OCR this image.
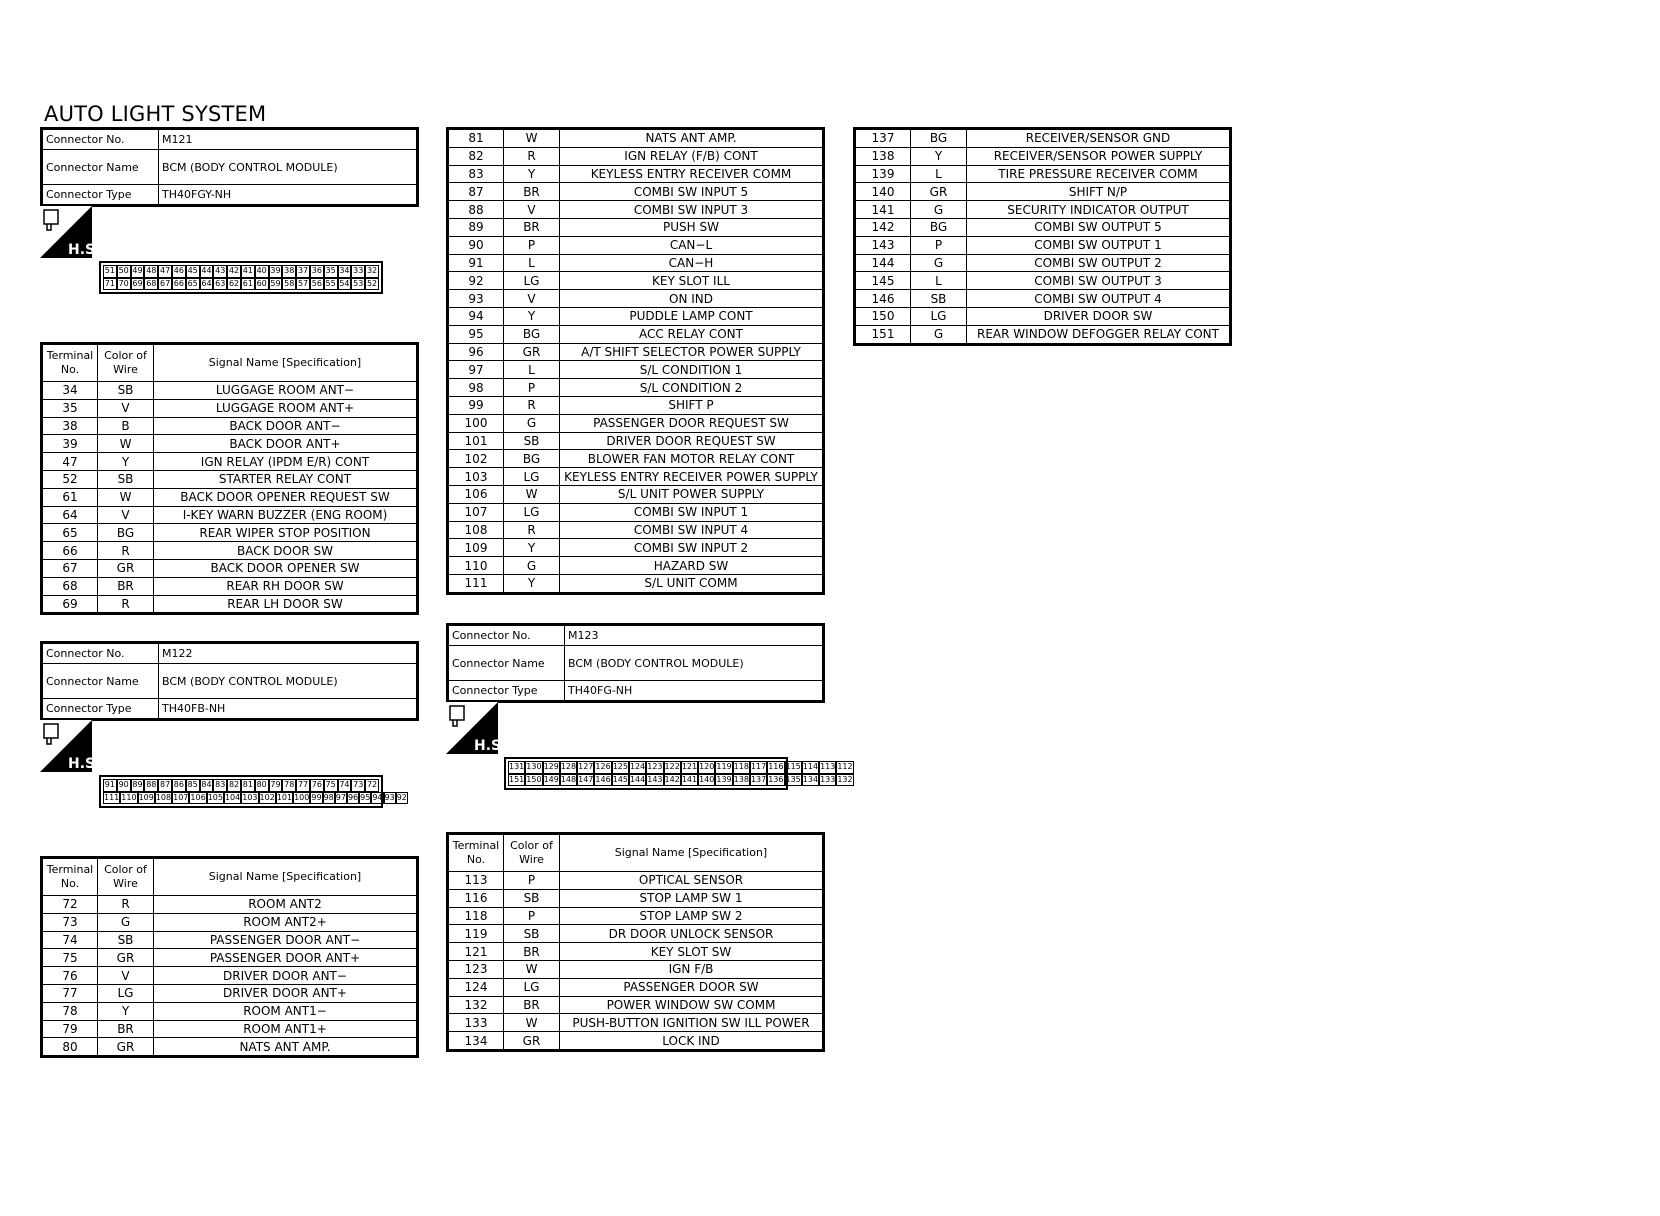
AUTO LIGHT SYSTEM
Connector No.	M121
Connector Name	BCM (BODY CONTROL MODULE)
Connector Type	TH40FGY-NH
H.S.
51 50 49 48 47 46 45 44 43 42 41 40 39 38 37 36 35 34 33 32
71 70 69 68 67 66 65 64 63 62 61 60 59 58 57 56 55 54 53 52
Terminal No.	Color of Wire	Signal Name [Specification]
34	SB	LUGGAGE ROOM ANT−
35	V	LUGGAGE ROOM ANT+
38	B	BACK DOOR ANT−
39	W	BACK DOOR ANT+
47	Y	IGN RELAY (IPDM E/R) CONT
52	SB	STARTER RELAY CONT
61	W	BACK DOOR OPENER REQUEST SW
64	V	I-KEY WARN BUZZER (ENG ROOM)
65	BG	REAR WIPER STOP POSITION
66	R	BACK DOOR SW
67	GR	BACK DOOR OPENER SW
68	BR	REAR RH DOOR SW
69	R	REAR LH DOOR SW
Connector No.	M122
Connector Name	BCM (BODY CONTROL MODULE)
Connector Type	TH40FB-NH
H.S.
91 90 89 88 87 86 85 84 83 82 81 80 79 78 77 76 75 74 73 72
111 110 109 108 107 106 105 104 103 102 101 100 99 98 97 96 95 94 93 92
Terminal No.	Color of Wire	Signal Name [Specification]
72	R	ROOM ANT2
73	G	ROOM ANT2+
74	SB	PASSENGER DOOR ANT−
75	GR	PASSENGER DOOR ANT+
76	V	DRIVER DOOR ANT−
77	LG	DRIVER DOOR ANT+
78	Y	ROOM ANT1−
79	BR	ROOM ANT1+
80	GR	NATS ANT AMP.
81	W	NATS ANT AMP.
82	R	IGN RELAY (F/B) CONT
83	Y	KEYLESS ENTRY RECEIVER COMM
87	BR	COMBI SW INPUT 5
88	V	COMBI SW INPUT 3
89	BR	PUSH SW
90	P	CAN−L
91	L	CAN−H
92	LG	KEY SLOT ILL
93	V	ON IND
94	Y	PUDDLE LAMP CONT
95	BG	ACC RELAY CONT
96	GR	A/T SHIFT SELECTOR POWER SUPPLY
97	L	S/L CONDITION 1
98	P	S/L CONDITION 2
99	R	SHIFT P
100	G	PASSENGER DOOR REQUEST SW
101	SB	DRIVER DOOR REQUEST SW
102	BG	BLOWER FAN MOTOR RELAY CONT
103	LG	KEYLESS ENTRY RECEIVER POWER SUPPLY
106	W	S/L UNIT POWER SUPPLY
107	LG	COMBI SW INPUT 1
108	R	COMBI SW INPUT 4
109	Y	COMBI SW INPUT 2
110	G	HAZARD SW
111	Y	S/L UNIT COMM
Connector No.	M123
Connector Name	BCM (BODY CONTROL MODULE)
Connector Type	TH40FG-NH
H.S.
131 130 129 128 127 126 125 124 123 122 121 120 119 118 117 116 115 114 113 112
151 150 149 148 147 146 145 144 143 142 141 140 139 138 137 136 135 134 133 132
Terminal No.	Color of Wire	Signal Name [Specification]
113	P	OPTICAL SENSOR
116	SB	STOP LAMP SW 1
118	P	STOP LAMP SW 2
119	SB	DR DOOR UNLOCK SENSOR
121	BR	KEY SLOT SW
123	W	IGN F/B
124	LG	PASSENGER DOOR SW
132	BR	POWER WINDOW SW COMM
133	W	PUSH-BUTTON IGNITION SW ILL POWER
134	GR	LOCK IND
137	BG	RECEIVER/SENSOR GND
138	Y	RECEIVER/SENSOR POWER SUPPLY
139	L	TIRE PRESSURE RECEIVER COMM
140	GR	SHIFT N/P
141	G	SECURITY INDICATOR OUTPUT
142	BG	COMBI SW OUTPUT 5
143	P	COMBI SW OUTPUT 1
144	G	COMBI SW OUTPUT 2
145	L	COMBI SW OUTPUT 3
146	SB	COMBI SW OUTPUT 4
150	LG	DRIVER DOOR SW
151	G	REAR WINDOW DEFOGGER RELAY CONT
